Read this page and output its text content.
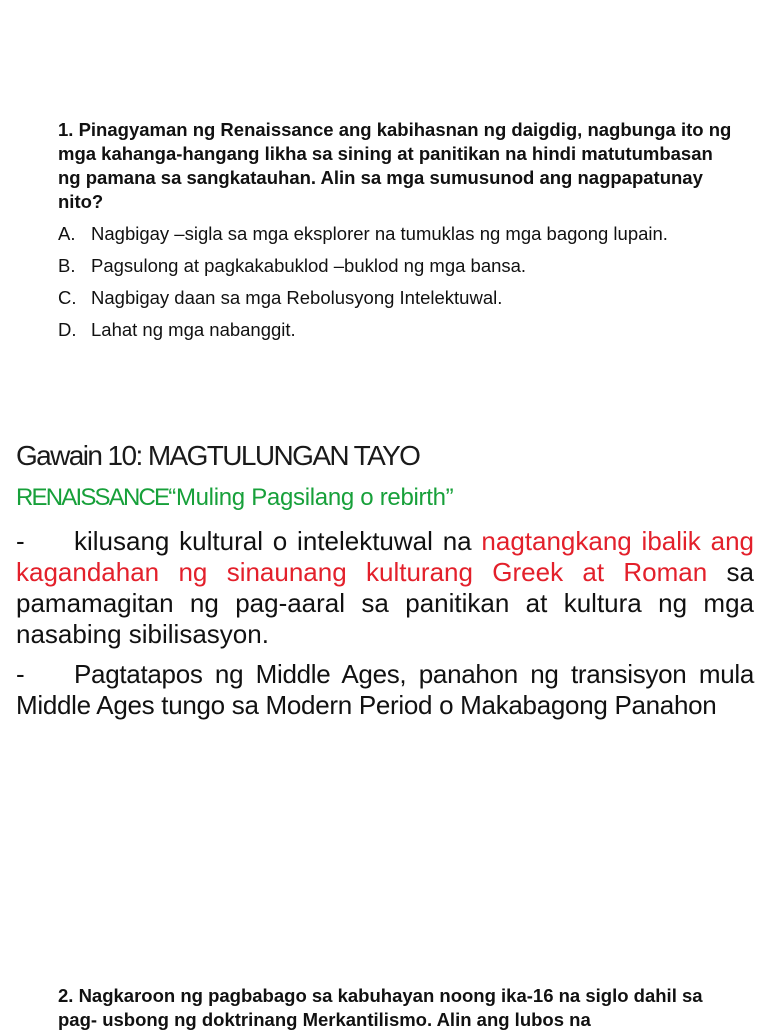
1. Pinagyaman ng Renaissance ang kabihasnan ng daigdig, nagbunga ito ng mga kahanga-hangang likha sa sining at panitikan na hindi matutumbasan ng pamana sa sangkatauhan. Alin sa mga sumusunod ang nagpapatunay nito?
A. Nagbigay –sigla sa mga eksplorer na tumuklas ng mga bagong lupain.
B. Pagsulong at pagkakabuklod –buklod ng mga bansa.
C. Nagbigay daan sa mga Rebolusyong Intelektuwal.
D. Lahat ng mga nabanggit.
Gawain 10: MAGTULUNGAN TAYO
RENAISSANCE“Muling Pagsilang o rebirth”
- kilusang kultural o intelektuwal na nagtangkang ibalik ang kagandahan ng sinaunang kulturang Greek at Roman sa pamamagitan ng pag-aaral sa panitikan at kultura ng mga nasabing sibilisasyon.
- Pagtatapos ng Middle Ages, panahon ng transisyon mula Middle Ages tungo sa Modern Period o Makabagong Panahon
2. Nagkaroon ng pagbabago sa kabuhayan noong ika-16 na siglo dahil sa pag- usbong ng doktrinang Merkantilismo. Alin ang lubos na
